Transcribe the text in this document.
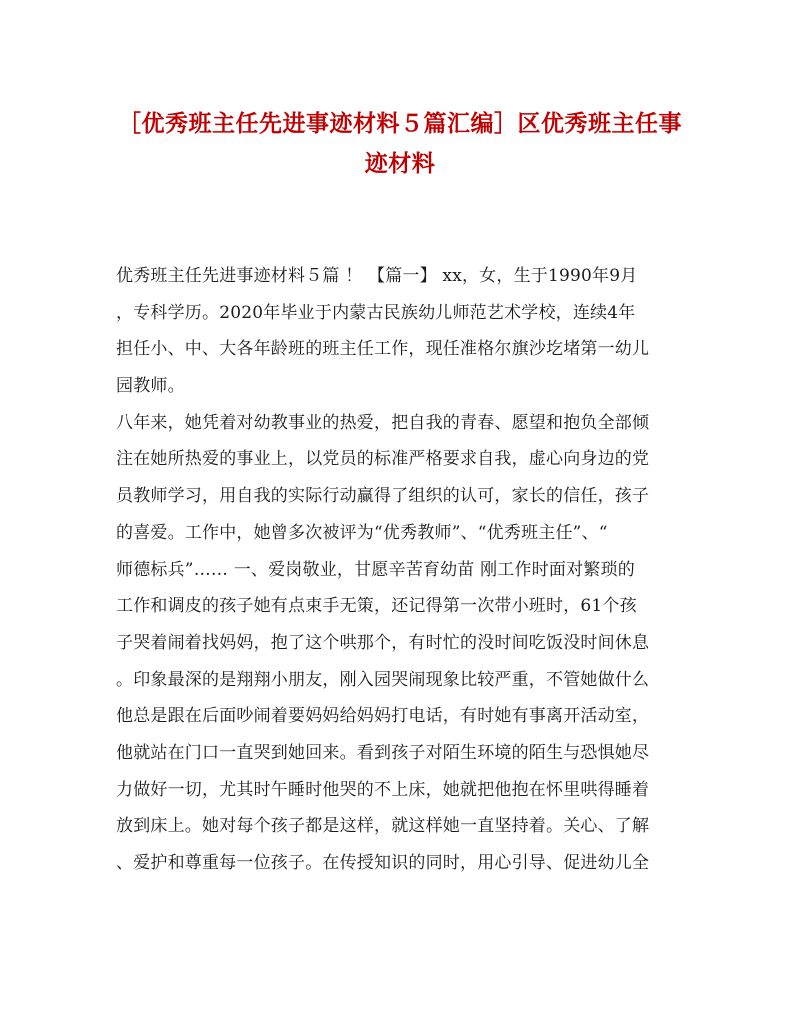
［优秀班主任先进事迹材料５篇汇编］区优秀班主任事
迹材料
优秀班主任先进事迹材料５篇 ！ 【篇一】 xx，女，生于1990年9月
，专科学历。2020年毕业于内蒙古民族幼儿师范艺术学校，连续4年
担任小、中、大各年龄班的班主任工作，现任准格尔旗沙圪堵第一幼儿
园教师。
八年来，她凭着对幼教事业的热爱，把自我的青春、愿望和抱负全部倾
注在她所热爱的事业上，以党员的标准严格要求自我，虚心向身边的党
员教师学习，用自我的实际行动赢得了组织的认可，家长的信任，孩子
的喜爱。工作中，她曾多次被评为“优秀教师”、“优秀班主任”、“
师德标兵”…… 一、爱岗敬业，甘愿辛苦育幼苗 刚工作时面对繁琐的
工作和调皮的孩子她有点束手无策，还记得第一次带小班时，61个孩
子哭着闹着找妈妈，抱了这个哄那个，有时忙的没时间吃饭没时间休息
。印象最深的是翔翔小朋友，刚入园哭闹现象比较严重，不管她做什么
他总是跟在后面吵闹着要妈妈给妈妈打电话，有时她有事离开活动室，
他就站在门口一直哭到她回来。看到孩子对陌生环境的陌生与恐惧她尽
力做好一切，尤其时午睡时他哭的不上床，她就把他抱在怀里哄得睡着
放到床上。她对每个孩子都是这样，就这样她一直坚持着。关心、了解
、爱护和尊重每一位孩子。在传授知识的同时，用心引导、促进幼儿全
